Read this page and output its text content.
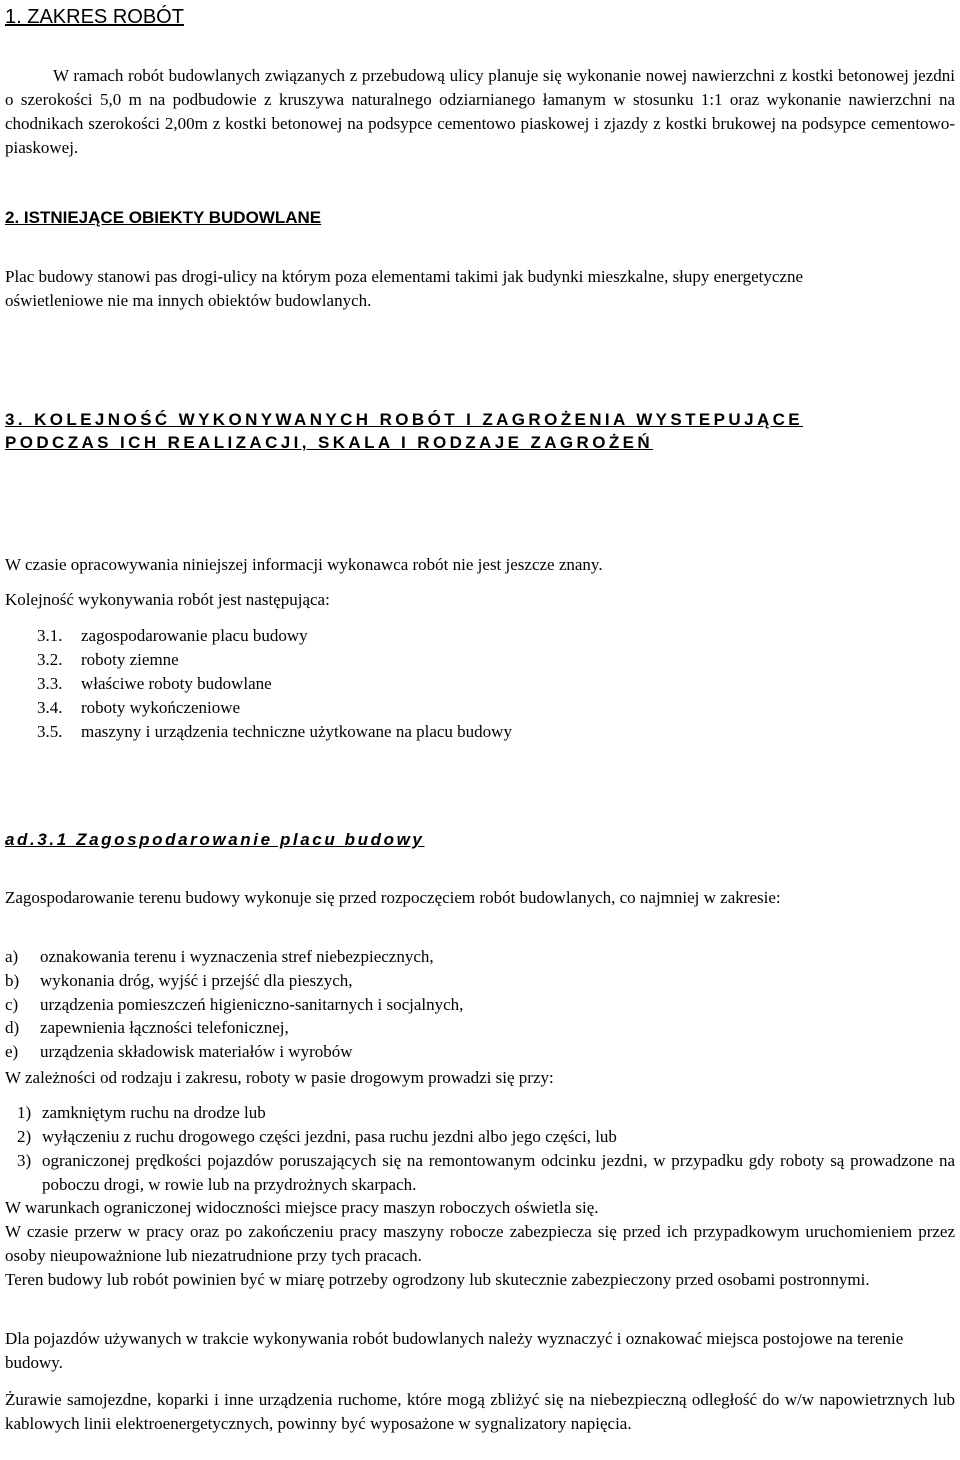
1. ZAKRES ROBÓT

W ramach robót budowlanych związanych z przebudową ulicy planuje się wykonanie nowej nawierzchni z kostki betonowej jezdni o szerokości 5,0 m na podbudowie z kruszywa naturalnego odziarnianego łamanym w stosunku 1:1 oraz wykonanie nawierzchni na chodnikach szerokości 2,00m z kostki betonowej na podsypce cementowo piaskowej i zjazdy z kostki brukowej na podsypce cementowo-piaskowej.

2. ISTNIEJĄCE OBIEKTY BUDOWLANE

Plac budowy stanowi pas drogi-ulicy na którym poza elementami takimi jak budynki mieszkalne, słupy energetyczne oświetleniowe nie ma innych obiektów budowlanych.

3. KOLEJNOŚĆ WYKONYWANYCH ROBÓT I ZAGROŻENIA WYSTEPUJĄCE
PODCZAS ICH REALIZACJI, SKALA I RODZAJE ZAGROŻEŃ

W czasie opracowywania niniejszej informacji wykonawca robót nie jest jeszcze znany.

Kolejność wykonywania robót jest następująca:

3.1.	zagospodarowanie placu budowy
3.2.	roboty ziemne
3.3.	właściwe roboty budowlane
3.4.	roboty wykończeniowe
3.5.	maszyny i urządzenia techniczne użytkowane na placu budowy
ad.3.1 Zagospodarowanie placu budowy

Zagospodarowanie terenu budowy wykonuje się przed rozpoczęciem robót budowlanych, co najmniej w zakresie:

a)	oznakowania terenu i wyznaczenia stref niebezpiecznych,
b)	wykonania dróg, wyjść i przejść dla pieszych,
c)	urządzenia pomieszczeń higieniczno-sanitarnych i socjalnych,
d)	zapewnienia łączności telefonicznej,
e)	urządzenia składowisk materiałów i wyrobów

W zależności od rodzaju i zakresu, roboty w pasie drogowym prowadzi się przy:

1) zamkniętym ruchu na drodze lub
2) wyłączeniu z ruchu drogowego części jezdni, pasa ruchu jezdni albo jego części, lub
3) ograniczonej prędkości pojazdów poruszających się na remontowanym odcinku jezdni, w przypadku gdy roboty są prowadzone na poboczu drogi, w rowie lub na przydrożnych skarpach.

W warunkach ograniczonej widoczności miejsce pracy maszyn roboczych oświetla się.

W czasie przerw w pracy oraz po zakończeniu pracy maszyny robocze zabezpiecza się przed ich przypadkowym uruchomieniem przez osoby nieupoważnione lub niezatrudnione przy tych pracach.

Teren budowy lub robót powinien być w miarę potrzeby ogrodzony lub skutecznie zabezpieczony przed osobami postronnymi.

Dla pojazdów używanych w trakcie wykonywania robót budowlanych należy wyznaczyć i oznakować miejsca postojowe na terenie budowy.

Żurawie samojezdne, koparki i inne urządzenia ruchome, które mogą zbliżyć się na niebezpieczną odległość do w/w napowietrznych lub kablowych linii elektroenergetycznych, powinny być wyposażone w sygnalizatory napięcia.
